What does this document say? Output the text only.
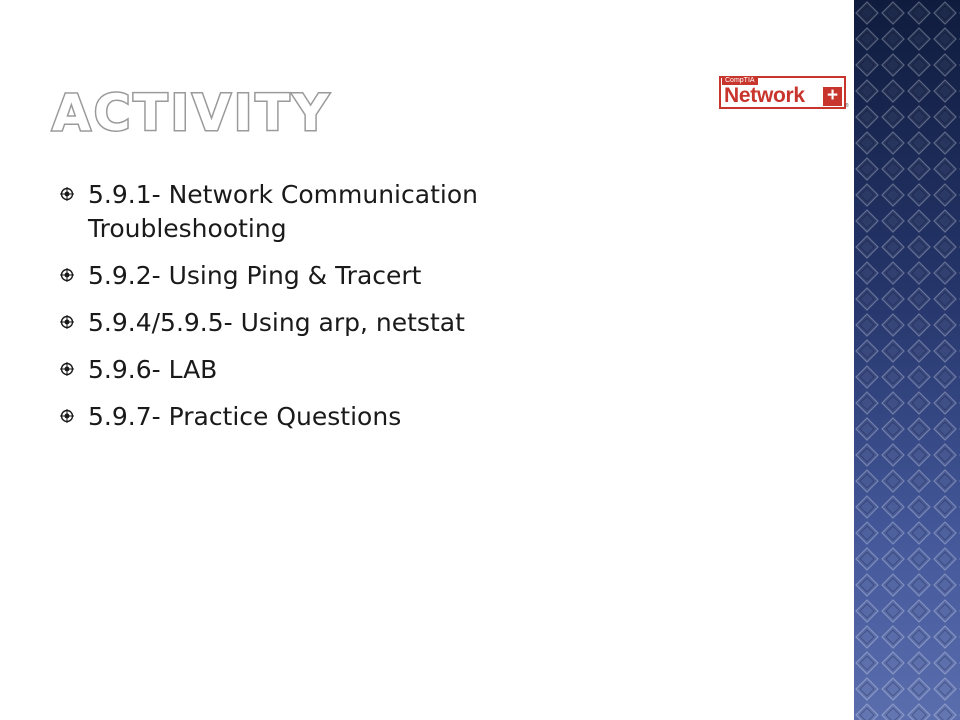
ACTIVITY
CompTIA
Network +	®
5.9.1- Network Communication Troubleshooting
5.9.2- Using Ping & Tracert
5.9.4/5.9.5- Using arp, netstat
5.9.6- LAB
5.9.7- Practice Questions
